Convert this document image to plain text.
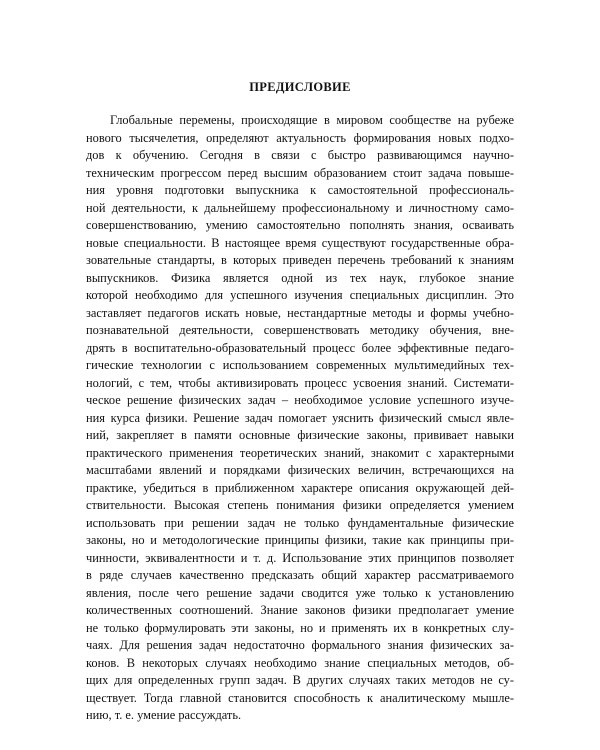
ПРЕДИСЛОВИЕ
Глобальные перемены, происходящие в мировом сообществе на рубеже
нового тысячелетия, определяют актуальность формирования новых подхо-
дов к обучению. Сегодня в связи с быстро развивающимся научно-
техническим прогрессом перед высшим образованием стоит задача повыше-
ния уровня подготовки выпускника к самостоятельной профессиональ-
ной деятельности, к дальнейшему профессиональному и личностному само-
совершенствованию, умению самостоятельно пополнять знания, осваивать
новые специальности. В настоящее время существуют государственные обра-
зовательные стандарты, в которых приведен перечень требований к знаниям
выпускников. Физика является одной из тех наук, глубокое знание
которой необходимо для успешного изучения специальных дисциплин. Это
заставляет педагогов искать новые, нестандартные методы и формы учебно-
познавательной деятельности, совершенствовать методику обучения, вне-
дрять в воспитательно-образовательный процесс более эффективные педаго-
гические технологии с использованием современных мультимедийных тех-
нологий, с тем, чтобы активизировать процесс усвоения знаний. Системати-
ческое решение физических задач – необходимое условие успешного изуче-
ния курса физики. Решение задач помогает уяснить физический смысл явле-
ний, закрепляет в памяти основные физические законы, прививает навыки
практического применения теоретических знаний, знакомит с характерными
масштабами явлений и порядками физических величин, встречающихся на
практике, убедиться в приближенном характере описания окружающей дей-
ствительности. Высокая степень понимания физики определяется умением
использовать при решении задач не только фундаментальные физические
законы, но и методологические принципы физики, такие как принципы при-
чинности, эквивалентности и т. д. Использование этих принципов позволяет
в ряде случаев качественно предсказать общий характер рассматриваемого
явления, после чего решение задачи сводится уже только к установлению
количественных соотношений. Знание законов физики предполагает умение
не только формулировать эти законы, но и применять их в конкретных слу-
чаях. Для решения задач недостаточно формального знания физических за-
конов. В некоторых случаях необходимо знание специальных методов, об-
щих для определенных групп задач. В других случаях таких методов не су-
ществует. Тогда главной становится способность к аналитическому мышле-
нию, т. е. умение рассуждать.
